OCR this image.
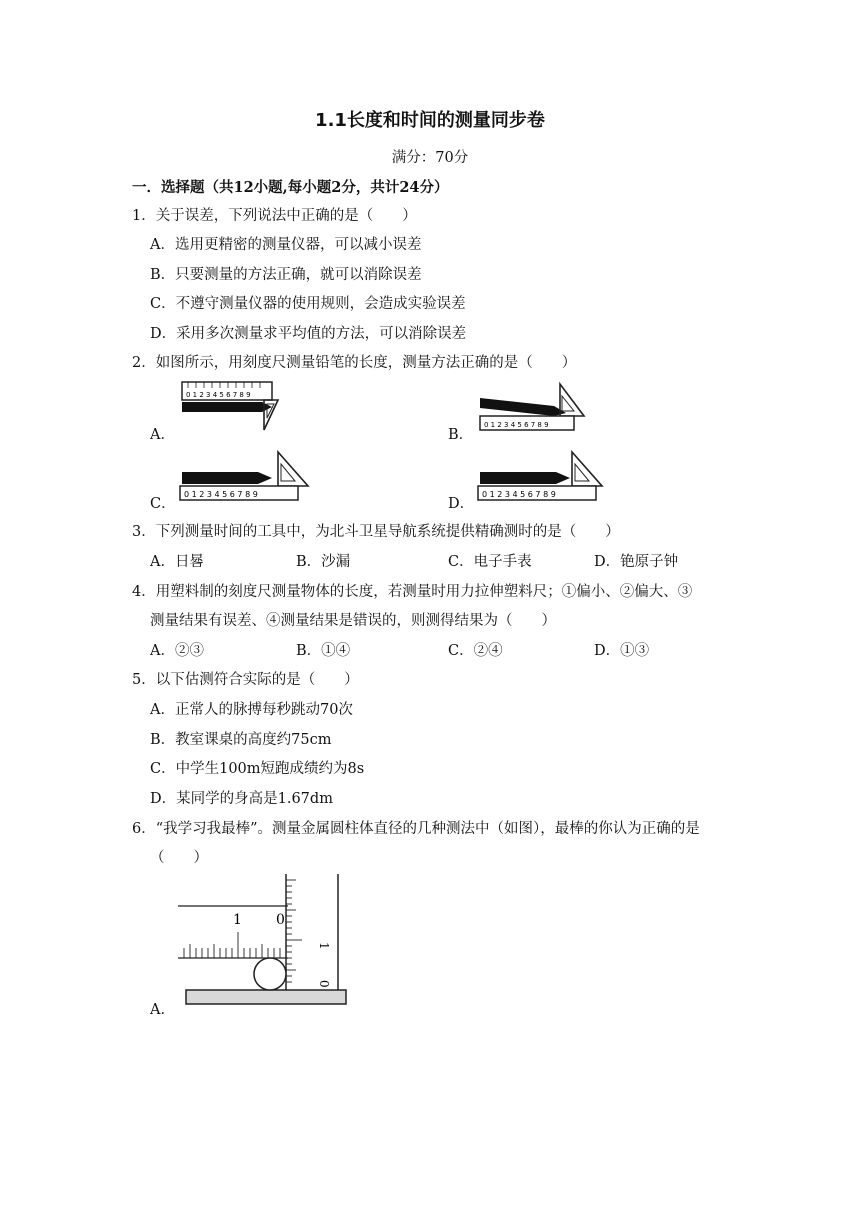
1.1长度和时间的测量同步卷
满分：70分
一．选择题（共12小题,每小题2分，共计24分）
1．关于误差，下列说法中正确的是（　　）
A．选用更精密的测量仪器，可以减小误差
B．只要测量的方法正确，就可以消除误差
C．不遵守测量仪器的使用规则，会造成实验误差
D．采用多次测量求平均值的方法，可以消除误差
2．如图所示，用刻度尺测量铅笔的长度，测量方法正确的是（　　）
0 1 2 3 4 5 6 7 8 9
A．
0 1 2 3 4 5 6 7 8 9
B．
0 1 2 3 4 5 6 7 8 9
C．
0 1 2 3 4 5 6 7 8 9
D．
3．下列测量时间的工具中，为北斗卫星导航系统提供精确测时的是（　　）
A．日晷	B．沙漏	C．电子手表	D．铯原子钟
4．用塑料制的刻度尺测量物体的长度，若测量时用力拉伸塑料尺；①偏小、②偏大、③
测量结果有误差、④测量结果是错误的，则测得结果为（　　）
A．②③	B．①④	C．②④	D．①③
5．以下估测符合实际的是（　　）
A．正常人的脉搏每秒跳动70次
B．教室课桌的高度约75cm
C．中学生100m短跑成绩约为8s
D．某同学的身高是1.67dm
6．“我学习我最棒”。测量金属圆柱体直径的几种测法中（如图），最棒的你认为正确的是
（　　）
1
0
1 0
A．
